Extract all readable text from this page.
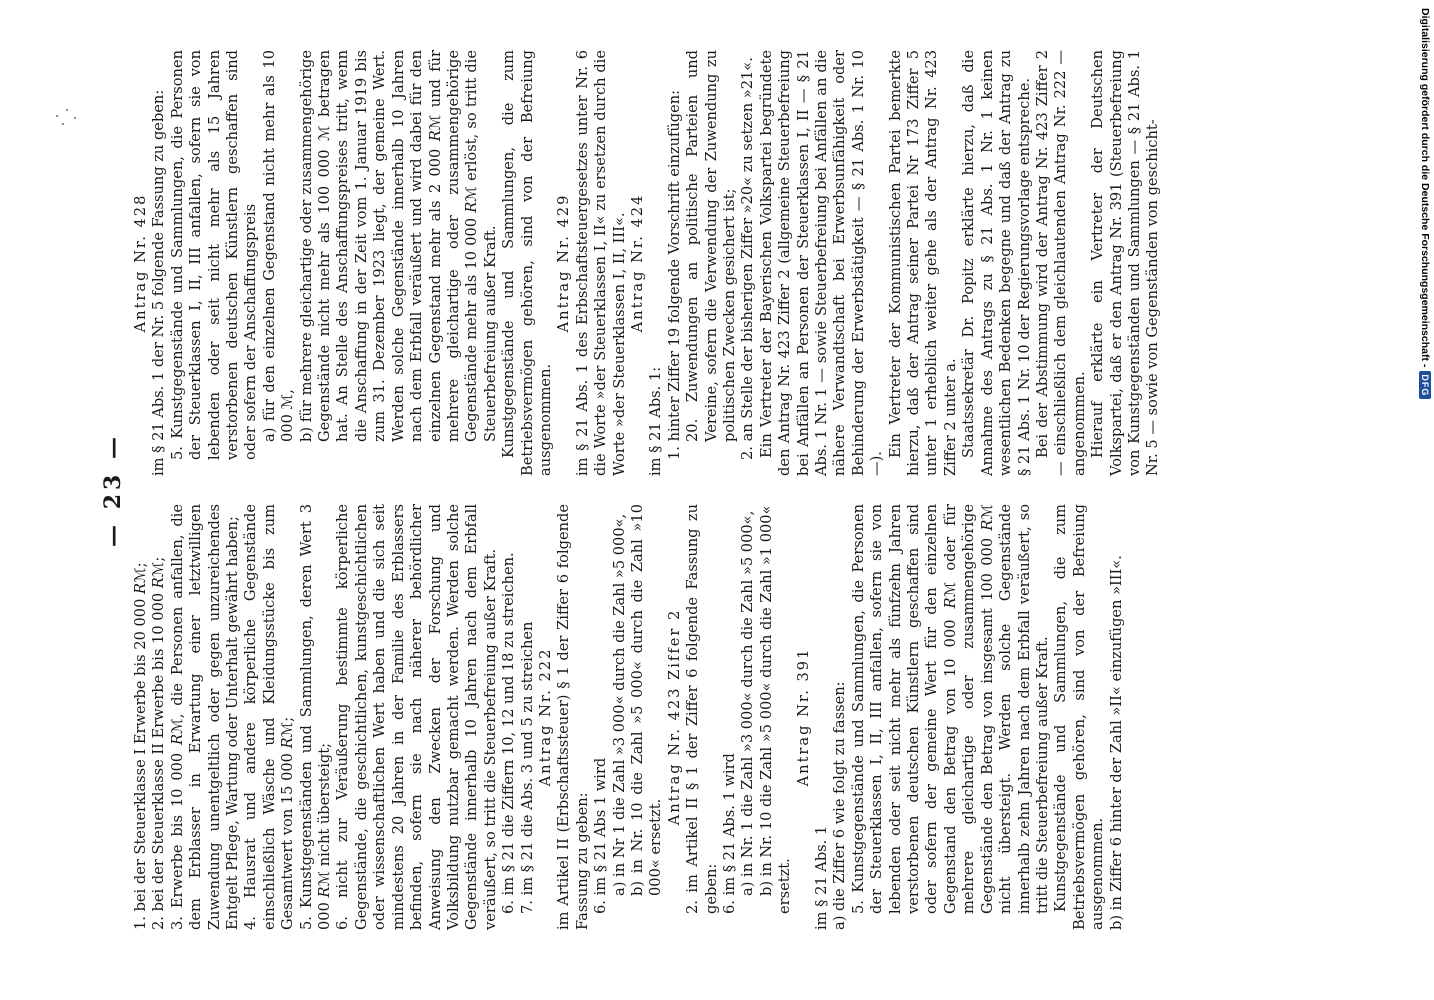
— 23 —

1. bei der Steuerklasse I Erwerbe bis 20 000 𝑅ℳ; 2. bei der Steuerklasse II Erwerbe bis 10 000 𝑅ℳ; 3. Erwerbe bis 10 000 𝑅ℳ, die Personen anfallen, die dem Erblasser in Erwartung einer letztwilligen Zuwendung unentgeltlich oder gegen unzureichendes Entgelt Pflege, Wartung oder Unterhalt gewährt haben; 4. Hausrat und andere körperliche Gegenstände einschließlich Wäsche und Kleidungsstücke bis zum Gesamtwert von 15 000 𝑅ℳ; 5. Kunstgegenständen und Sammlungen, deren Wert 3 000 𝑅ℳ nicht übersteigt; 6. nicht zur Veräußerung bestimmte körperliche Gegenstände, die geschichtlichen, kunstgeschichtlichen oder wissenschaftlichen Wert haben und die sich seit mindestens 20 Jahren in der Familie des Erblassers befinden, sofern sie nach näherer behördlicher Anweisung den Zwecken der Forschung und Volksbildung nutzbar gemacht werden. Werden solche Gegenstände innerhalb 10 Jahren nach dem Erbfall veräußert, so tritt die Steuerbefreiung außer Kraft. 6. im § 21 die Ziffern 10, 12 und 18 zu streichen. 7. im § 21 die Abs. 3 und 5 zu streichen Antrag Nr. 222 im Artikel II (Erbschaftssteuer) § 1 der Ziffer 6 folgende Fassung zu geben: 6. im § 21 Abs 1 wird a) in Nr 1 die Zahl »3 000« durch die Zahl »5 000«, b) in Nr. 10 die Zahl »5 000« durch die Zahl »10 000« ersetzt.

Antrag Nr. 423 Ziffer 2 2. im Artikel II § 1 der Ziffer 6 folgende Fassung zu geben: 6. im § 21 Abs. 1 wird a) in Nr. 1 die Zahl »3 000« durch die Zahl »5 000«, b) in Nr. 10 die Zahl »5 000« durch die Zahl »1 000« ersetzt.

Antrag Nr. 391

im § 21 Abs. 1 a) die Ziffer 6 wie folgt zu fassen: 5. Kunstgegenstände und Sammlungen, die Personen der Steuerklassen I, II, III anfallen, sofern sie von lebenden oder seit nicht mehr als fünfzehn Jahren verstorbenen deutschen Künstlern geschaffen sind oder sofern der gemeine Wert für den einzelnen Gegenstand den Betrag von 10 000 𝑅ℳ oder für mehrere gleichartige oder zusammengehörige Gegenstände den Betrag von insgesamt 100 000 𝑅ℳ nicht übersteigt. Werden solche Gegenstände innerhalb zehn Jahren nach dem Erbfall veräußert, so tritt die Steuerbefreiung außer Kraft. Kunstgegenstände und Sammlungen, die zum Betriebsvermögen gehören, sind von der Befreiung ausgenommen. b) in Ziffer 6 hinter der Zahl »II« einzufügen »III«.

Antrag Nr. 428 im § 21 Abs. 1 der Nr. 5 folgende Fassung zu geben: 5. Kunstgegenstände und Sammlungen, die Personen der Steuerklassen I, II, III anfallen, sofern sie von lebenden oder seit nicht mehr als 15 Jahren verstorbenen deutschen Künstlern geschaffen sind oder sofern der Anschaffungspreis a) für den einzelnen Gegenstand nicht mehr als 10 000 ℳ, b) für mehrere gleichartige oder zusammengehörige Gegenstände nicht mehr als 100 000 ℳ betragen hat. An Stelle des Anschaffungspreises tritt, wenn die Anschaffung in der Zeit vom 1. Januar 1919 bis zum 31. Dezember 1923 liegt, der gemeine Wert. Werden solche Gegenstände innerhalb 10 Jahren nach dem Erbfall veräußert und wird dabei für den einzelnen Gegenstand mehr als 2 000 𝑅ℳ und für mehrere gleichartige oder zusammengehörige Gegenstände mehr als 10 000 𝑅ℳ erlöst, so tritt die Steuerbefreiung außer Kraft. Kunstgegenstände und Sammlungen, die zum Betriebsvermögen gehören, sind von der Befreiung ausgenommen.

Antrag Nr. 429 im § 21 Abs. 1 des Erbschaftsteuergesetzes unter Nr. 6 die Worte »der Steuerklassen I, II« zu ersetzen durch die Worte »der Steuerklassen I, II, III«. Antrag Nr. 424

im § 21 Abs. 1: 1. hinter Ziffer 19 folgende Vorschrift einzufügen: 20. Zuwendungen an politische Parteien und Vereine, sofern die Verwendung der Zuwendung zu politischen Zwecken gesichert ist; 2. an Stelle der bisherigen Ziffer »20« zu setzen »21«. Ein Vertreter der Bayerischen Volkspartei begründete den Antrag Nr. 423 Ziffer 2 (allgemeine Steuerbefreiung bei Anfällen an Personen der Steuerklassen I, II — § 21 Abs. 1 Nr. 1 — sowie Steuerbefreiung bei Anfällen an die nähere Verwandtschaft bei Erwerbsunfähigkeit oder Behinderung der Erwerbstätigkeit — § 21 Abs. 1 Nr. 10 —).

Ein Vertreter der Kommunistischen Partei bemerkte hierzu, daß der Antrag seiner Partei Nr 173 Ziffer 5 unter 1 erheblich weiter gehe als der Antrag Nr. 423 Ziffer 2 unter a. Staatssekretär Dr. Popitz erklärte hierzu, daß die Annahme des Antrags zu § 21 Abs. 1 Nr. 1 keinen wesentlichen Bedenken begegne und daß der Antrag zu § 21 Abs. 1 Nr. 10 der Regierungsvorlage entspreche. Bei der Abstimmung wird der Antrag Nr. 423 Ziffer 2 — einschließlich dem gleichlautenden Antrag Nr. 222 — angenommen. Hierauf erklärte ein Vertreter der Deutschen Volkspartei, daß er den Antrag Nr. 391 (Steuerbefreiung von Kunstgegenständen und Sammlungen — § 21 Abs. 1 Nr. 5 — sowie von Gegenständen von geschicht-	Digitalisierung gefördert durch die Deutsche Forschungsgemeinschaft -
DFG
